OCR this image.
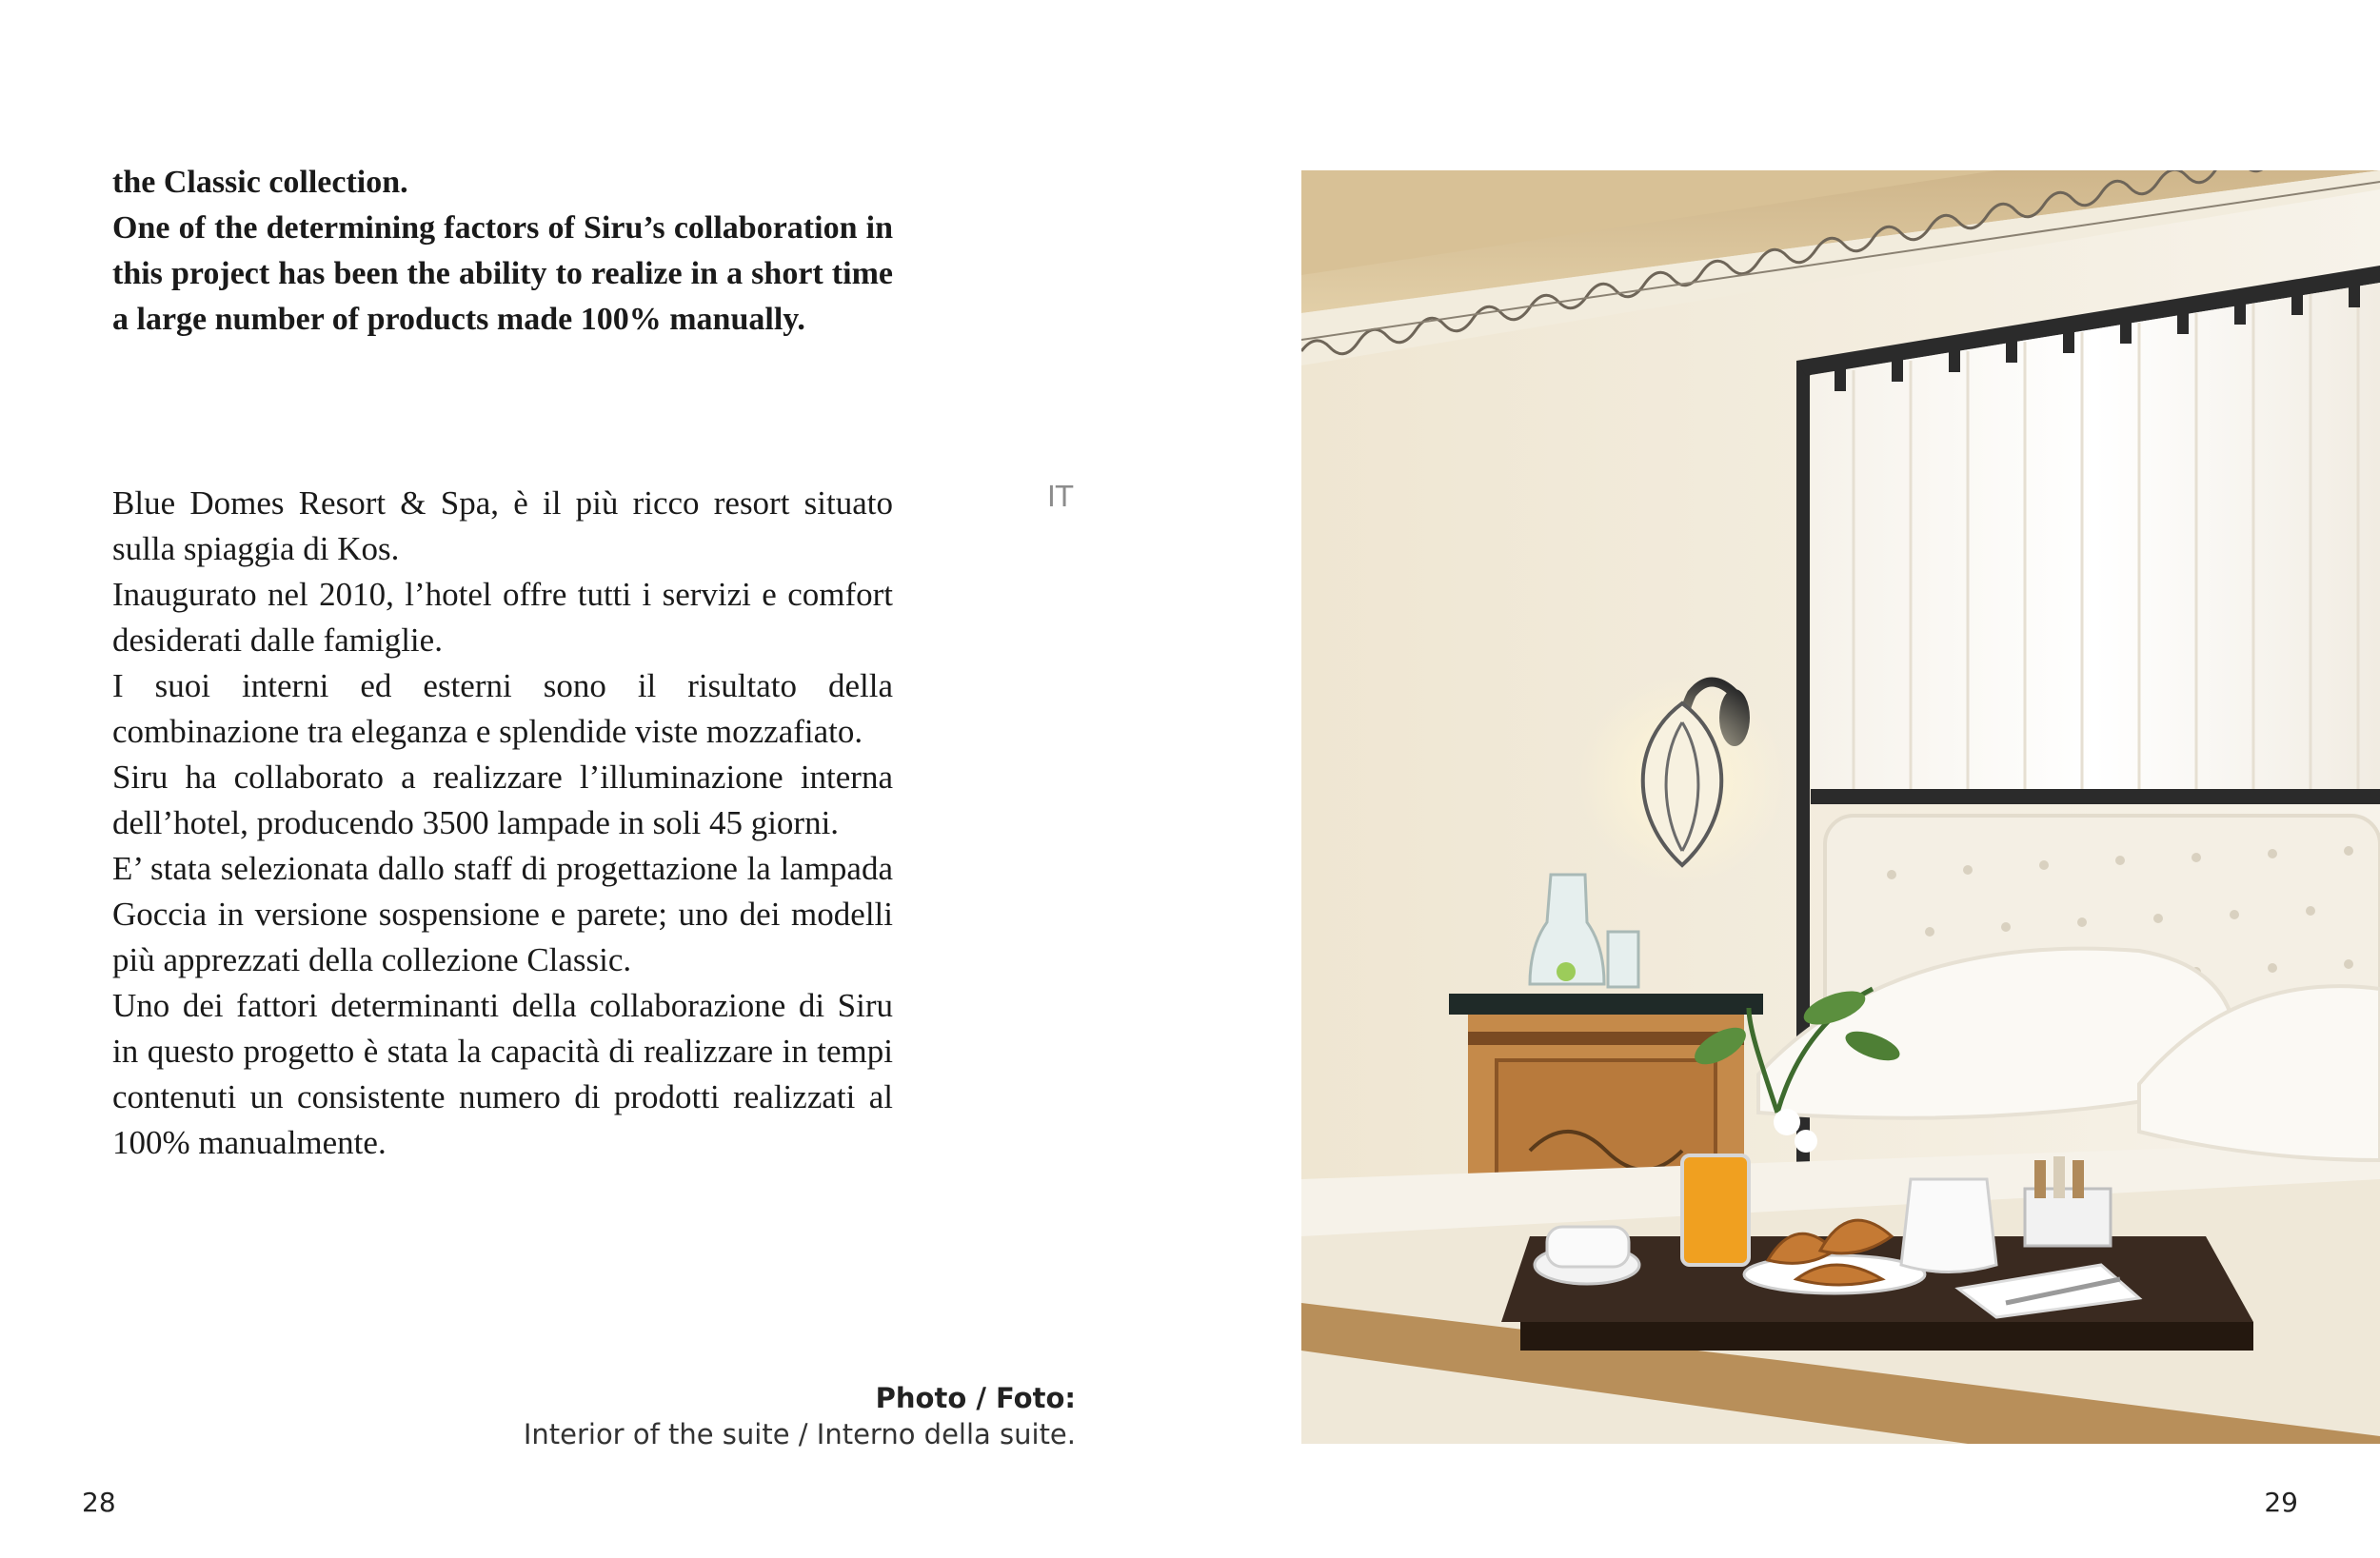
the Classic collection.

One of the determining factors of Siru’s collaboration in this project has been the ability to realize in a short time a large number of products made 100% manually.

IT

Blue Domes Resort & Spa, è il più ricco resort situato sulla spiaggia di Kos.

Inaugurato nel 2010, l’hotel offre tutti i servizi e comfort desiderati dalle famiglie.

I suoi interni ed esterni sono il risultato della combinazione tra eleganza e splendide viste mozzafiato.

Siru ha collaborato a realizzare l’illuminazione interna dell’hotel, producendo 3500 lampade in soli 45 giorni.

E’ stata selezionata dallo staff di progettazione la lampada Goccia in versione sospensione e parete; uno dei modelli più apprezzati della collezione Classic.

Uno dei fattori determinanti della collaborazione di Siru in questo progetto è stata la capacità di realizzare in tempi contenuti un consistente numero di prodotti realizzati al 100% manualmente.

Photo / Foto:
Interior of the suite / Interno della suite.
28	29
